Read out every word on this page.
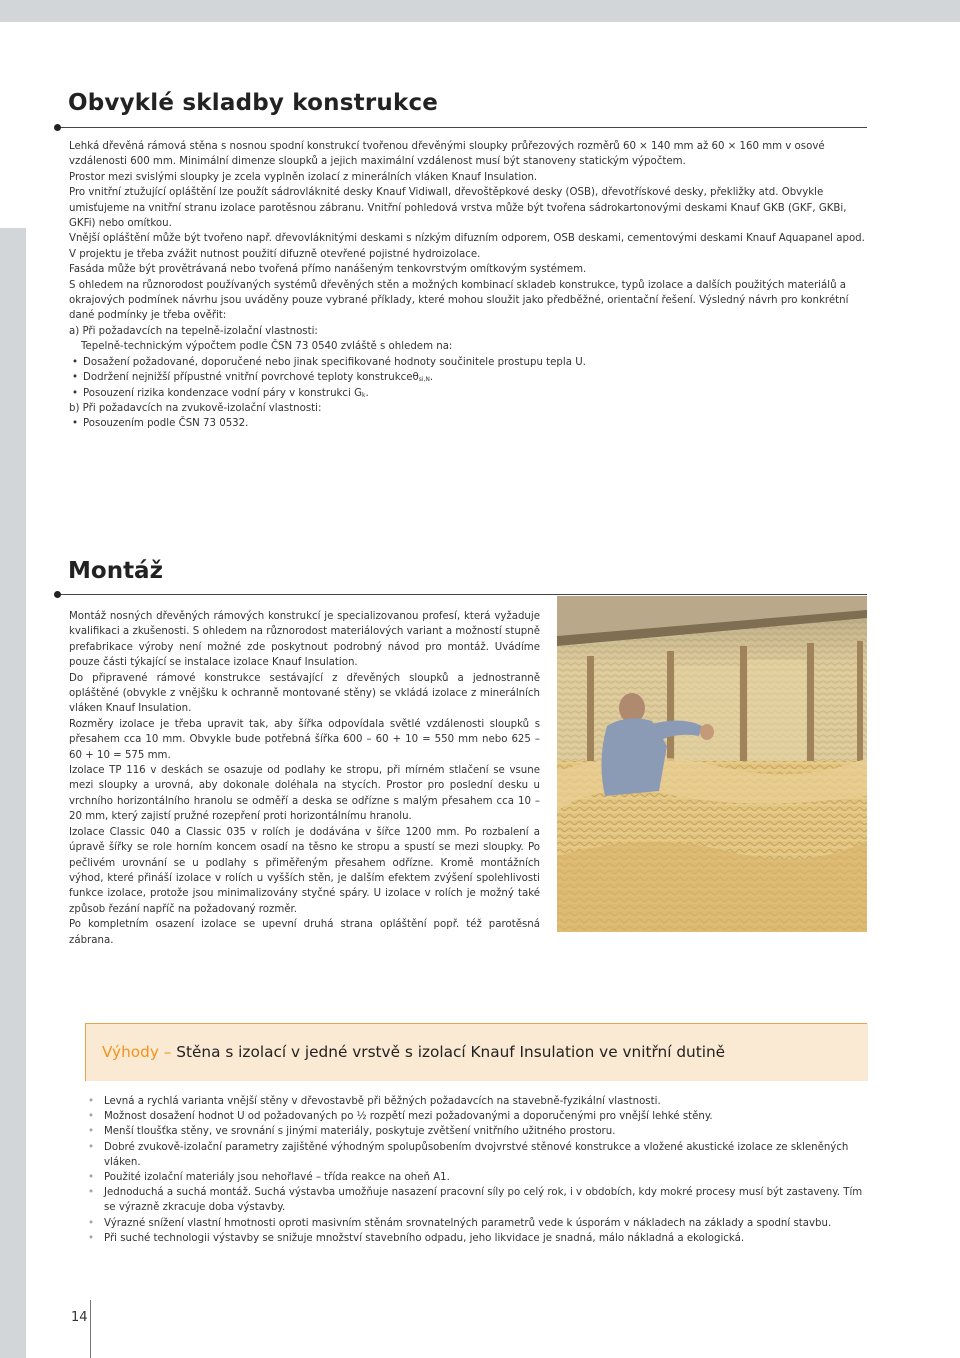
Obvyklé skladby konstrukce

Lehká dřevěná rámová stěna s nosnou spodní konstrukcí tvořenou dřevěnými sloupky průřezových rozměrů 60 × 140 mm až 60 × 160 mm v osové vzdálenosti 600 mm. Minimální dimenze sloupků a jejich maximální vzdálenost musí být stanoveny statickým výpočtem.

Prostor mezi svislými sloupky je zcela vyplněn izolací z minerálních vláken Knauf Insulation.

Pro vnitřní ztužující opláštění lze použít sádrovláknité desky Knauf Vidiwall, dřevoštěpkové desky (OSB), dřevotřískové desky, překližky atd. Obvykle umisťujeme na vnitřní stranu izolace parotěsnou zábranu. Vnitřní pohledová vrstva může být tvořena sádrokartonovými deskami Knauf GKB (GKF, GKBi, GKFi) nebo omítkou.

Vnější opláštění může být tvořeno např. dřevovláknitými deskami s nízkým difuzním odporem, OSB deskami, cementovými deskami Knauf Aquapanel apod.

V projektu je třeba zvážit nutnost použití difuzně otevřené pojistné hydroizolace.

Fasáda může být provětrávaná nebo tvořená přímo nanášeným tenkovrstvým omítkovým systémem.

S ohledem na různorodost používaných systémů dřevěných stěn a možných kombinací skladeb konstrukce, typů izolace a dalších použitých materiálů a okrajových podmínek návrhu jsou uváděny pouze vybrané příklady, které mohou sloužit jako předběžné, orientační řešení. Výsledný návrh pro konkrétní dané podmínky je třeba ověřit:

a) Při požadavcích na tepelně-izolační vlastnosti:

Tepelně-technickým výpočtem podle ČSN 73 0540 zvláště s ohledem na:

• Dosažení požadované, doporučené nebo jinak specifikované hodnoty součinitele prostupu tepla U.

• Dodržení nejnižší přípustné vnitřní povrchové teploty konstrukceθ$_{si,N}$.

• Posouzení rizika kondenzace vodní páry v konstrukci $G_k$.

b) Při požadavcích na zvukově-izolační vlastnosti:

• Posouzením podle ČSN 73 0532.

Montáž

Montáž nosných dřevěných rámových konstrukcí je specializovanou profesí, která vyžaduje kvalifikaci a zkušenosti. S ohledem na různorodost materiálových variant a možností stupně prefabrikace výroby není možné zde poskytnout podrobný návod pro montáž. Uvádíme pouze části týkající se instalace izolace Knauf Insulation.

Do připravené rámové konstrukce sestávající z dřevěných sloupků a jednostranně opláštěné (obvykle z vnějšku k ochranně montované stěny) se vkládá izolace z minerálních vláken Knauf Insulation.

Rozměry izolace je třeba upravit tak, aby šířka odpovídala světlé vzdálenosti sloupků s přesahem cca 10 mm. Obvykle bude potřebná šířka 600 – 60 + 10 = 550 mm nebo 625 – 60 + 10 = 575 mm.

Izolace TP 116 v deskách se osazuje od podlahy ke stropu, při mírném stlačení se vsune mezi sloupky a urovná, aby dokonale doléhala na stycích. Prostor pro poslední desku u vrchního horizontálního hranolu se odměří a deska se odřízne s malým přesahem cca 10 – 20 mm, který zajistí pružné rozepření proti horizontálnímu hranolu.

Izolace Classic 040 a Classic 035 v rolích je dodávána v šířce 1200 mm. Po rozbalení a úpravě šířky se role horním koncem osadí na těsno ke stropu a spustí se mezi sloupky. Po pečlivém urovnání se u podlahy s přiměřeným přesahem odřízne. Kromě montážních výhod, které přináší izolace v rolích u vyšších stěn, je dalším efektem zvýšení spolehlivosti funkce izolace, protože jsou minimalizovány styčné spáry. U izolace v rolích je možný také způsob řezání napříč na požadovaný rozměr.

Po kompletním osazení izolace se upevní druhá strana opláštění popř. též parotěsná zábrana.

Výhody – Stěna s izolací v jedné vrstvě s izolací Knauf Insulation ve vnitřní dutině
• Levná a rychlá varianta vnější stěny v dřevostavbě při běžných požadavcích na stavebně-fyzikální vlastnosti.
• Možnost dosažení hodnot U od požadovaných po ½ rozpětí mezi požadovanými a doporučenými pro vnější lehké stěny.
• Menší tloušťka stěny, ve srovnání s jinými materiály, poskytuje zvětšení vnitřního užitného prostoru.
• Dobré zvukově-izolační parametry zajištěné výhodným spolupůsobením dvojvrstvé stěnové konstrukce a vložené akustické izolace ze skleněných vláken.
• Použité izolační materiály jsou nehořlavé – třída reakce na oheň A1.
• Jednoduchá a suchá montáž. Suchá výstavba umožňuje nasazení pracovní síly po celý rok, i v obdobích, kdy mokré procesy musí být zastaveny. Tím se výrazně zkracuje doba výstavby.
• Výrazné snížení vlastní hmotnosti oproti masivním stěnám srovnatelných parametrů vede k úsporám v nákladech na základy a spodní stavbu.
• Při suché technologii výstavby se snižuje množství stavebního odpadu, jeho likvidace je snadná, málo nákladná a ekologická.
14
